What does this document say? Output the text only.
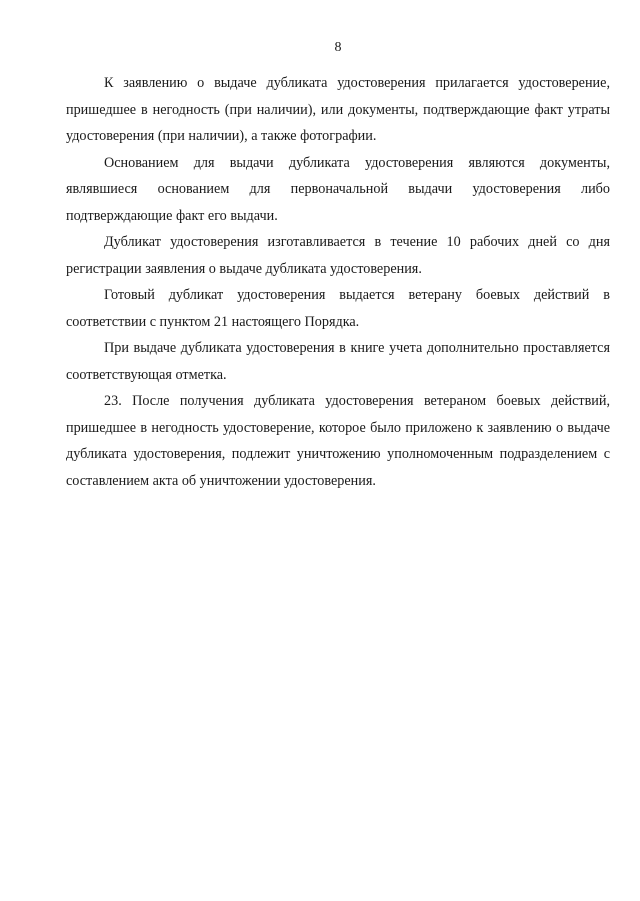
8

К заявлению о выдаче дубликата удостоверения прилагается удостоверение, пришедшее в негодность (при наличии), или документы, подтверждающие факт утраты удостоверения (при наличии), а также фотографии.

Основанием для выдачи дубликата удостоверения являются документы, являвшиеся основанием для первоначальной выдачи удостоверения либо подтверждающие факт его выдачи.

Дубликат удостоверения изготавливается в течение 10 рабочих дней со дня регистрации заявления о выдаче дубликата удостоверения.

Готовый дубликат удостоверения выдается ветерану боевых действий в соответствии с пунктом 21 настоящего Порядка.

При выдаче дубликата удостоверения в книге учета дополнительно проставляется соответствующая отметка.

23. После получения дубликата удостоверения ветераном боевых действий, пришедшее в негодность удостоверение, которое было приложено к заявлению о выдаче дубликата удостоверения, подлежит уничтожению уполномоченным подразделением с составлением акта об уничтожении удостоверения.
